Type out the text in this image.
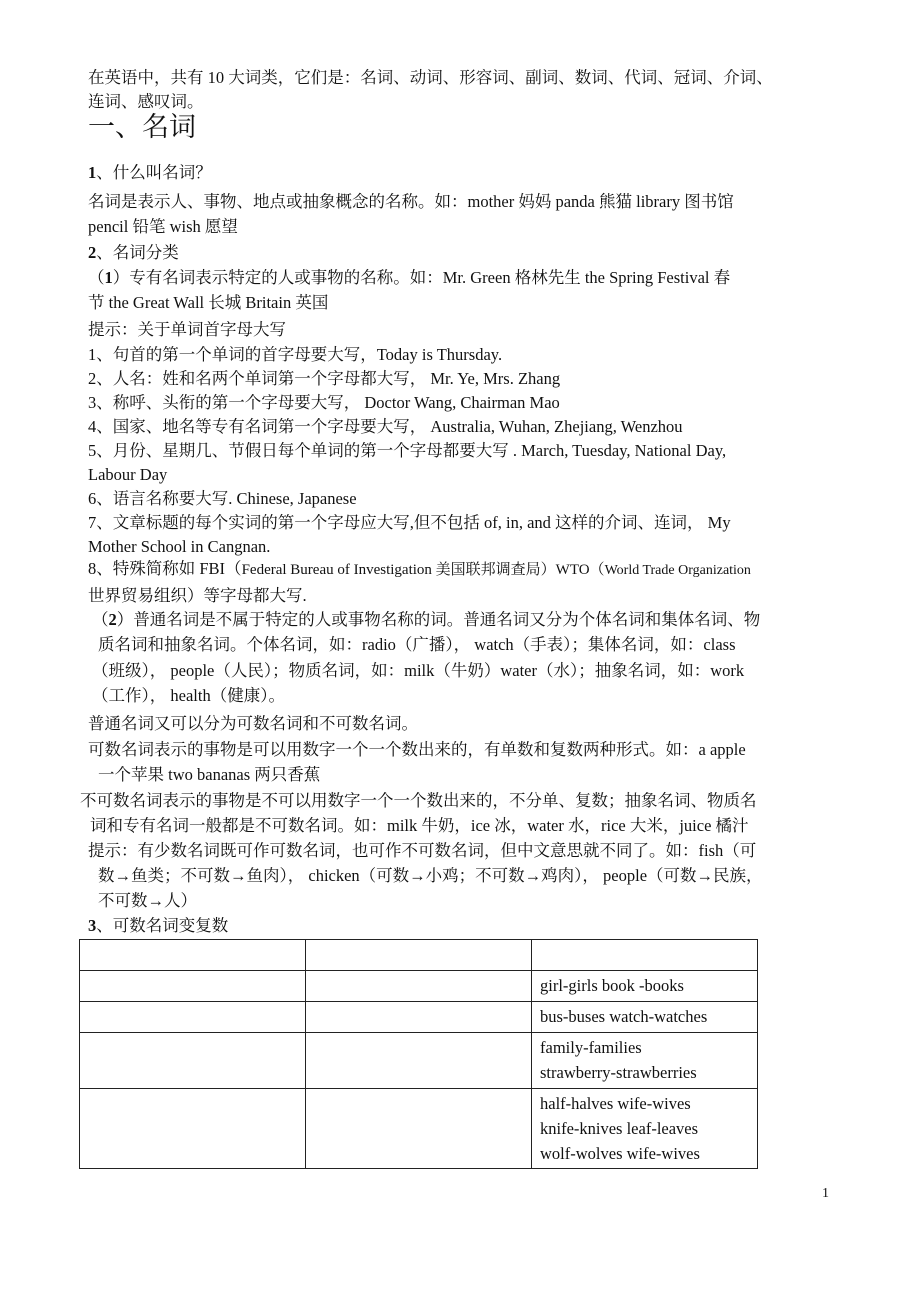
在英语中，共有 10 大词类，它们是：名词、动词、形容词、副词、数词、代词、冠词、介词、
连词、感叹词。
一、名词
1、什么叫名词？
名词是表示人、事物、地点或抽象概念的名称。如：mother 妈妈 panda 熊猫 library 图书馆
pencil 铅笔 wish 愿望
2、名词分类
（1）专有名词表示特定的人或事物的名称。如：Mr. Green 格林先生 the Spring Festival 春
节 the Great Wall 长城 Britain 英国
提示：关于单词首字母大写
1、句首的第一个单词的首字母要大写，Today is Thursday.
2、人名：姓和名两个单词第一个字母都大写， Mr. Ye, Mrs. Zhang
3、称呼、头衔的第一个字母要大写， Doctor Wang, Chairman Mao
4、国家、地名等专有名词第一个字母要大写， Australia, Wuhan, Zhejiang, Wenzhou
5、月份、星期几、节假日每个单词的第一个字母都要大写 . March, Tuesday, National Day,
Labour Day
6、语言名称要大写. Chinese, Japanese
7、文章标题的每个实词的第一个字母应大写,但不包括 of, in, and 这样的介词、连词， My
Mother School in Cangnan.
8、特殊简称如 FBI（Federal Bureau of Investigation 美国联邦调查局）WTO（World Trade Organization
世界贸易组织）等字母都大写.
（2）普通名词是不属于特定的人或事物名称的词。普通名词又分为个体名词和集体名词、物
质名词和抽象名词。个体名词，如：radio（广播）， watch（手表）；集体名词，如：class
（班级）， people（人民）；物质名词，如：milk（牛奶）water（水）；抽象名词，如：work
（工作）， health（健康）。
普通名词又可以分为可数名词和不可数名词。
可数名词表示的事物是可以用数字一个一个数出来的，有单数和复数两种形式。如：a apple
一个苹果 two bananas 两只香蕉
不可数名词表示的事物是不可以用数字一个一个数出来的，不分单、复数；抽象名词、物质名
词和专有名词一般都是不可数名词。如：milk 牛奶，ice 冰，water 水，rice 大米，juice 橘汁
提示：有少数名词既可作可数名词，也可作不可数名词，但中文意思就不同了。如：fish（可
数→鱼类；不可数→鱼肉）， chicken（可数→小鸡；不可数→鸡肉）， people（可数→民族，
不可数→人）
3、可数名词变复数

		girl-girls book -books
		bus-buses watch-watches
		family-families
strawberry-strawberries
		half-halves wife-wives
knife-knives leaf-leaves
wolf-wolves wife-wives
1
